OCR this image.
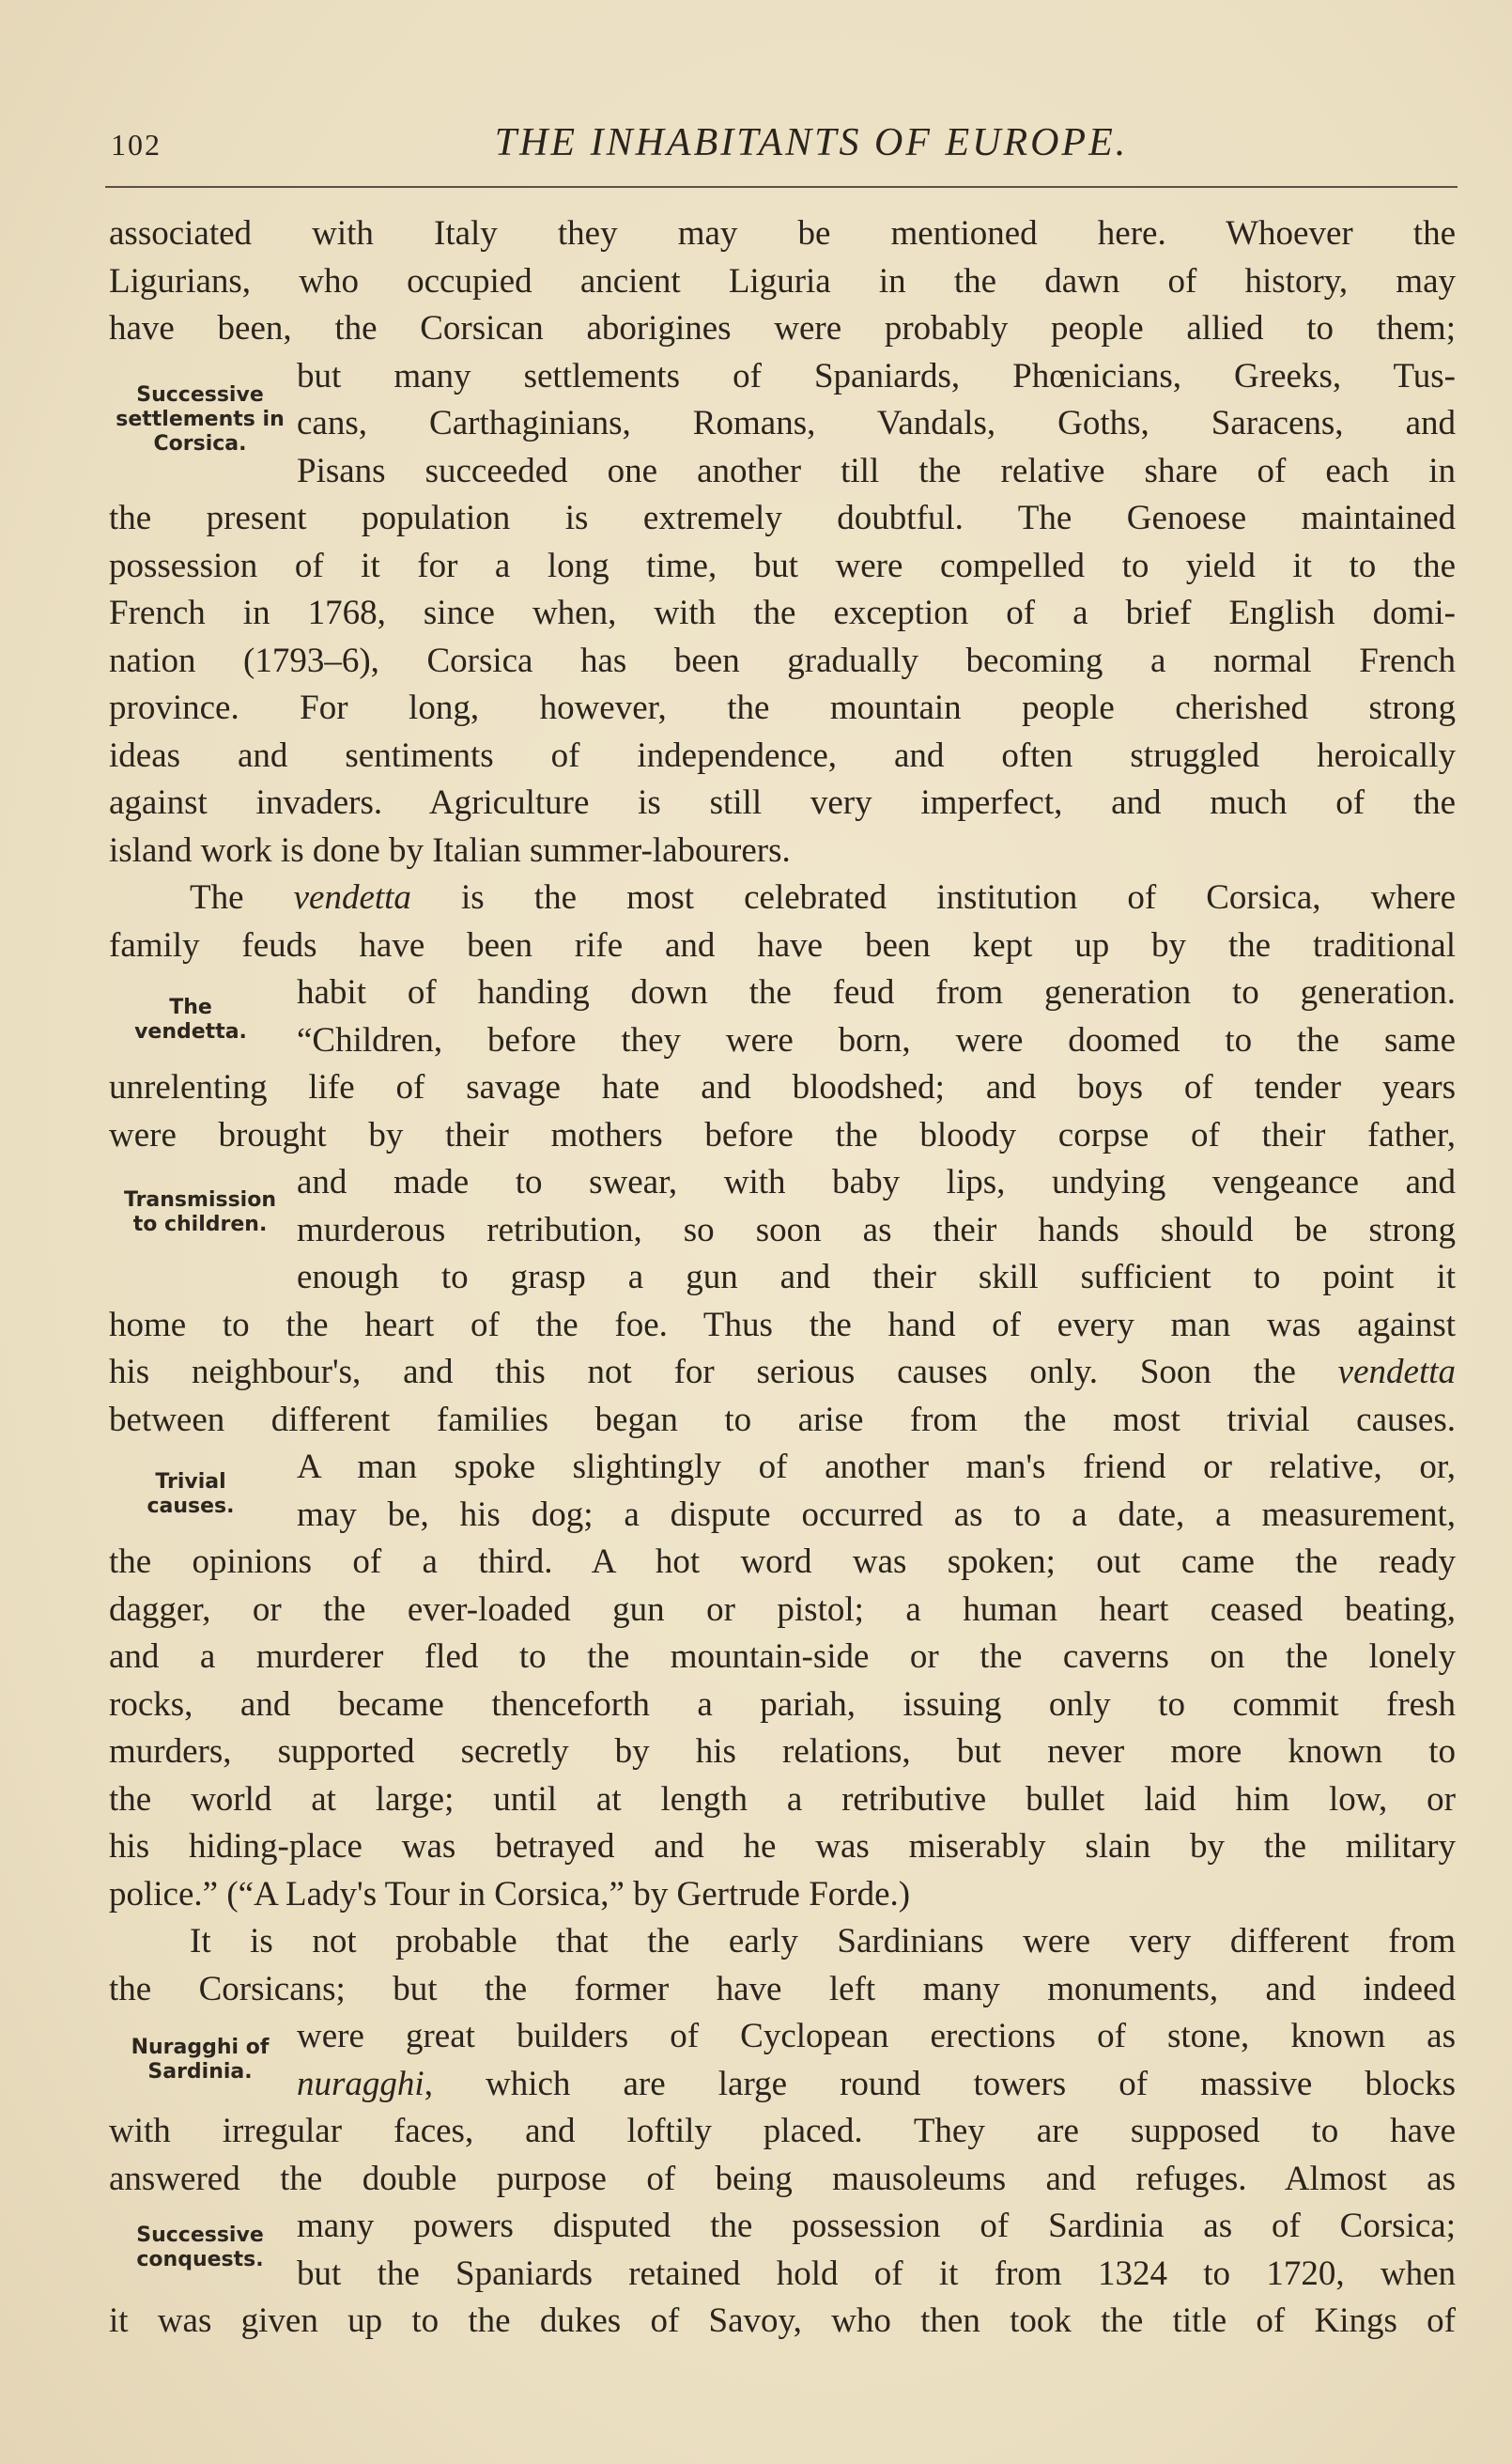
102	THE INHABITANTS OF EUROPE.
Successive settlements in Corsica.
The vendetta.
Transmission to children.
Trivial causes.
Nuragghi of Sardinia.
Successive conquests.
associated with Italy they may be mentioned here. Whoever the
Ligurians, who occupied ancient Liguria in the dawn of history, may
have been, the Corsican aborigines were probably people allied to them;
but many settlements of Spaniards, Phœnicians, Greeks, Tus-
cans, Carthaginians, Romans, Vandals, Goths, Saracens, and
Pisans succeeded one another till the relative share of each in
the present population is extremely doubtful. The Genoese maintained
possession of it for a long time, but were compelled to yield it to the
French in 1768, since when, with the exception of a brief English domi-
nation (1793–6), Corsica has been gradually becoming a normal French
province. For long, however, the mountain people cherished strong
ideas and sentiments of independence, and often struggled heroically
against invaders. Agriculture is still very imperfect, and much of the
island work is done by Italian summer-labourers.
The vendetta is the most celebrated institution of Corsica, where
family feuds have been rife and have been kept up by the traditional
habit of handing down the feud from generation to generation.
“Children, before they were born, were doomed to the same
unrelenting life of savage hate and bloodshed; and boys of tender years
were brought by their mothers before the bloody corpse of their father,
and made to swear, with baby lips, undying vengeance and
murderous retribution, so soon as their hands should be strong
enough to grasp a gun and their skill sufficient to point it
home to the heart of the foe. Thus the hand of every man was against
his neighbour's, and this not for serious causes only. Soon the vendetta
between different families began to arise from the most trivial causes.
A man spoke slightingly of another man's friend or relative, or,
may be, his dog; a dispute occurred as to a date, a measurement,
the opinions of a third. A hot word was spoken; out came the ready
dagger, or the ever-loaded gun or pistol; a human heart ceased beating,
and a murderer fled to the mountain-side or the caverns on the lonely
rocks, and became thenceforth a pariah, issuing only to commit fresh
murders, supported secretly by his relations, but never more known to
the world at large; until at length a retributive bullet laid him low, or
his hiding-place was betrayed and he was miserably slain by the military
police.” (“A Lady's Tour in Corsica,” by Gertrude Forde.)
It is not probable that the early Sardinians were very different from
the Corsicans; but the former have left many monuments, and indeed
were great builders of Cyclopean erections of stone, known as
nuragghi, which are large round towers of massive blocks
with irregular faces, and loftily placed. They are supposed to have
answered the double purpose of being mausoleums and refuges. Almost as
many powers disputed the possession of Sardinia as of Corsica;
but the Spaniards retained hold of it from 1324 to 1720, when
it was given up to the dukes of Savoy, who then took the title of Kings of
